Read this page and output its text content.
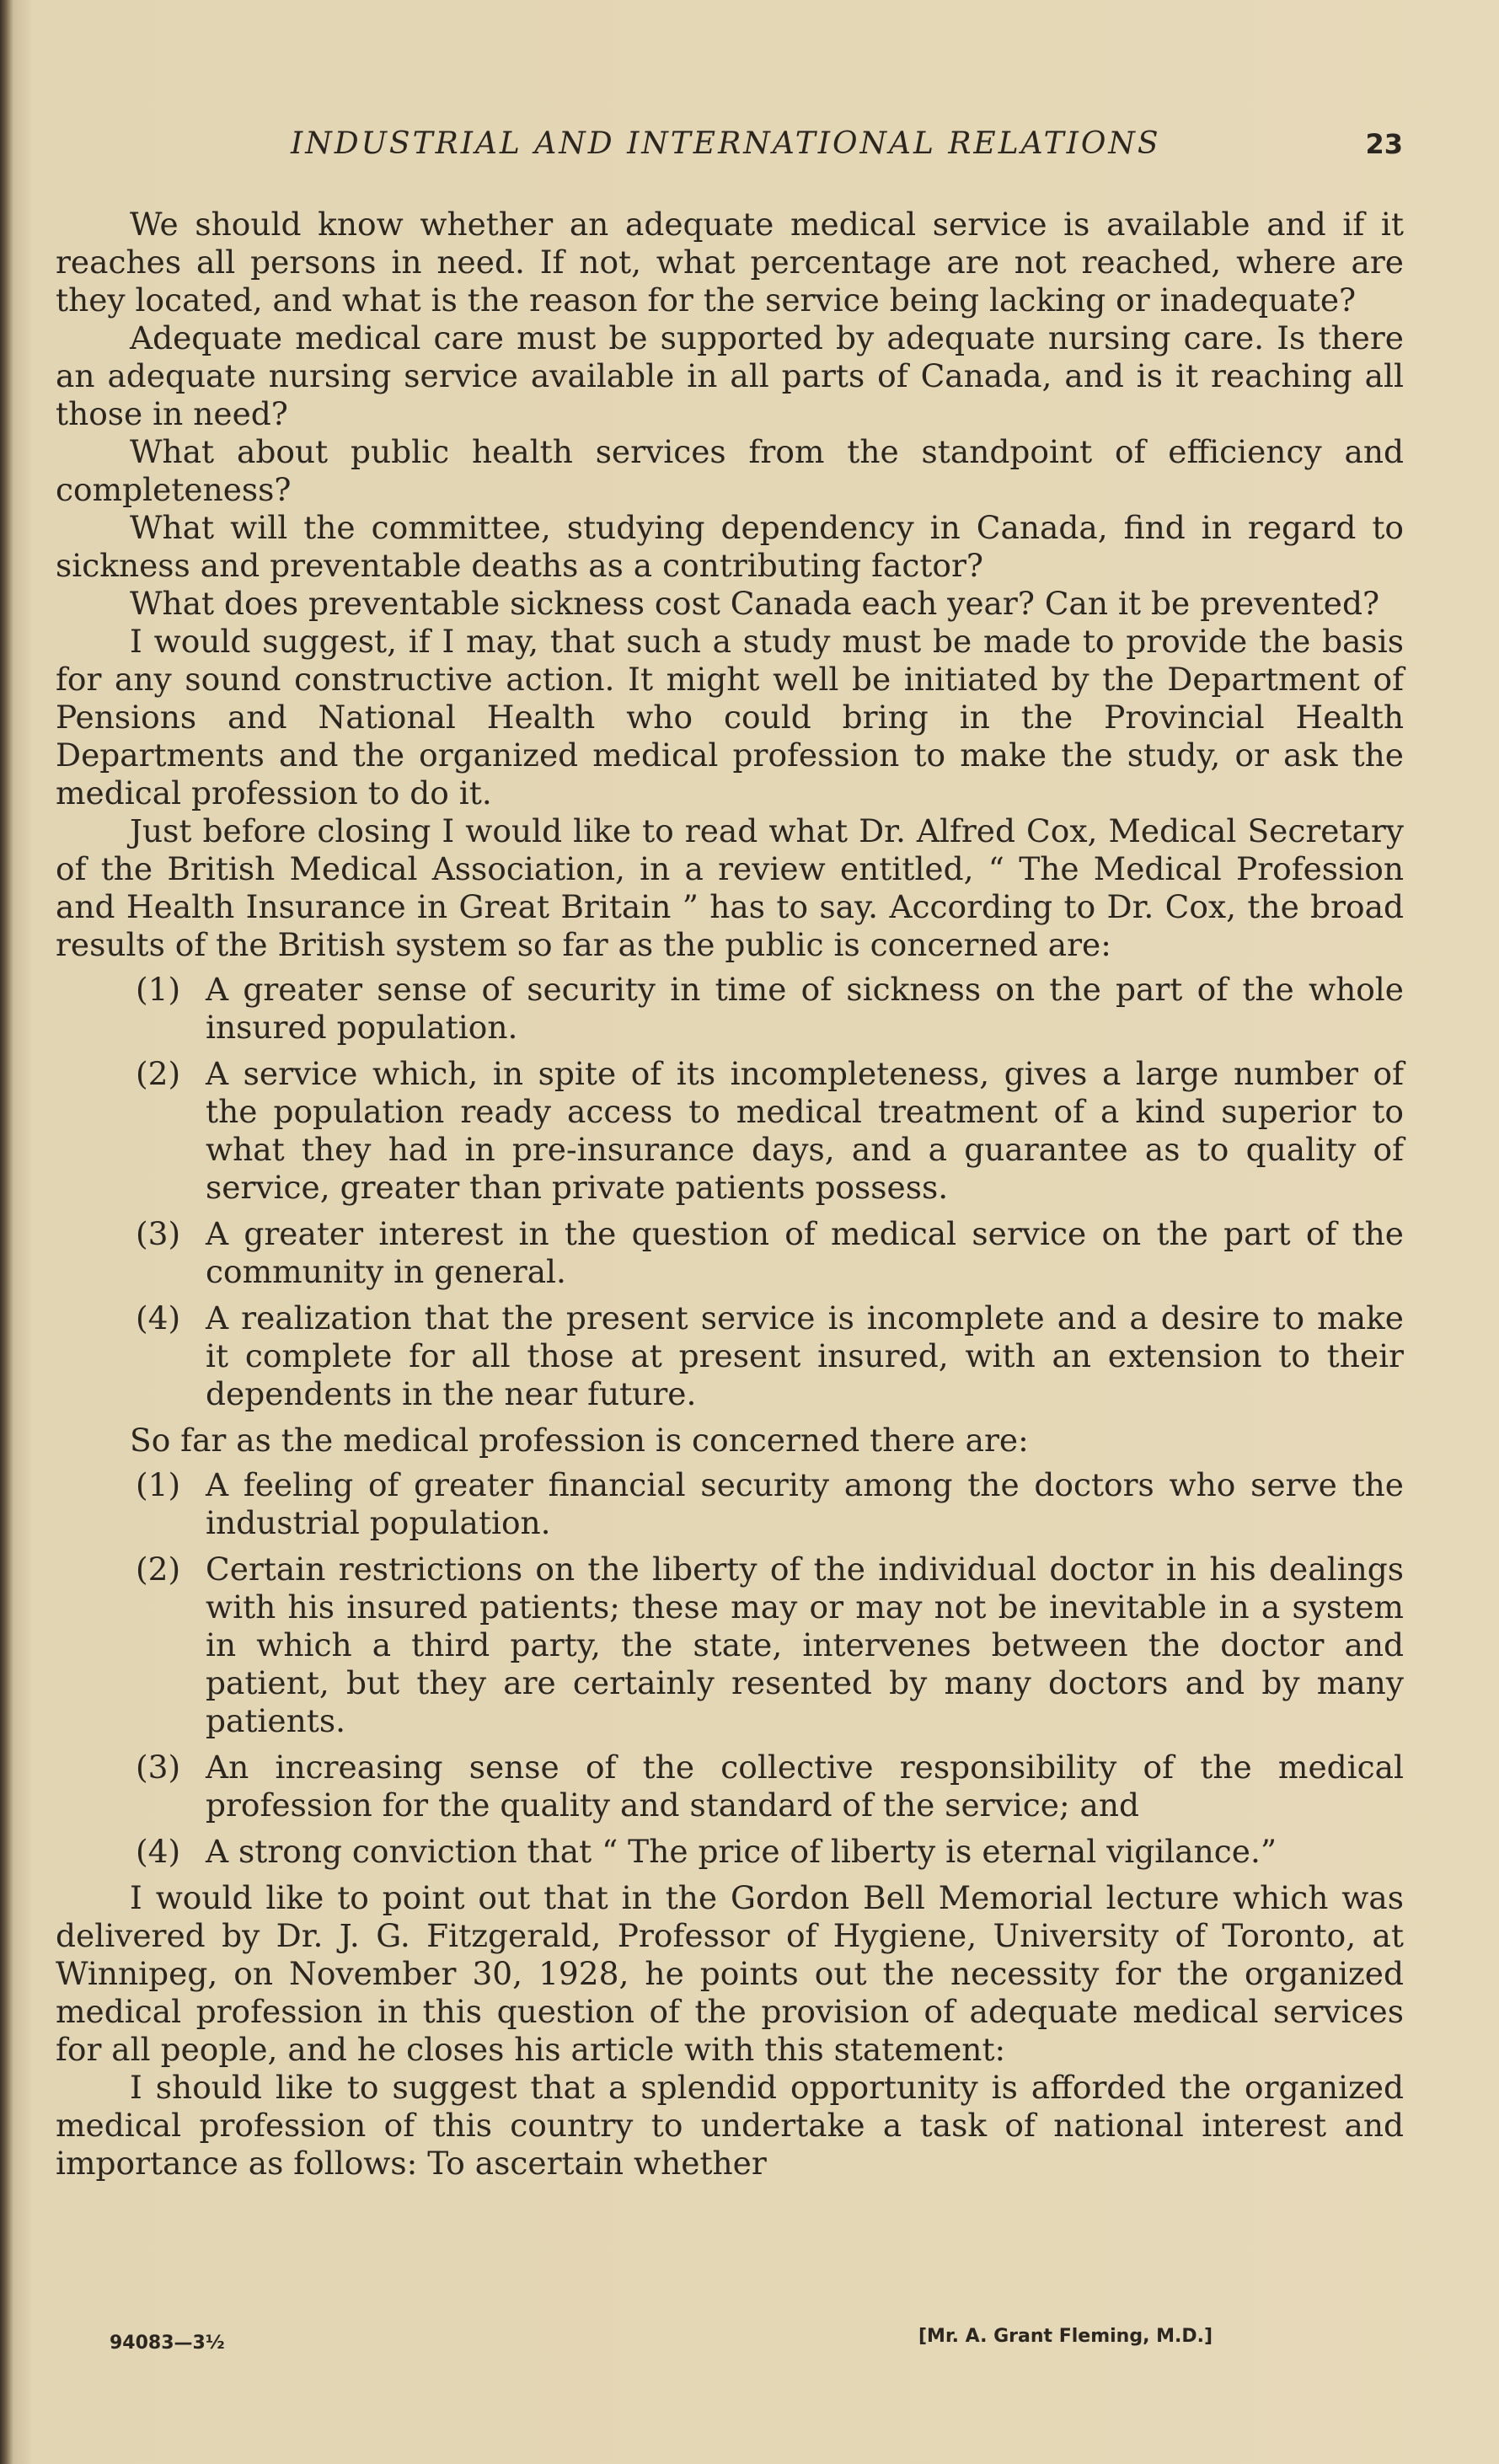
INDUSTRIAL AND INTERNATIONAL RELATIONS	23

We should know whether an adequate medical service is available and if it reaches all persons in need. If not, what percentage are not reached, where are they located, and what is the reason for the service being lacking or inadequate?

Adequate medical care must be supported by adequate nursing care. Is there an adequate nursing service available in all parts of Canada, and is it reaching all those in need?

What about public health services from the standpoint of efficiency and completeness?

What will the committee, studying dependency in Canada, find in regard to sickness and preventable deaths as a contributing factor?

What does preventable sickness cost Canada each year? Can it be prevented?

I would suggest, if I may, that such a study must be made to provide the basis for any sound constructive action. It might well be initiated by the Department of Pensions and National Health who could bring in the Provincial Health Departments and the organized medical profession to make the study, or ask the medical profession to do it.

Just before closing I would like to read what Dr. Alfred Cox, Medical Secretary of the British Medical Association, in a review entitled, “ The Medical Profession and Health Insurance in Great Britain ” has to say. According to Dr. Cox, the broad results of the British system so far as the public is concerned are:

(1) A greater sense of security in time of sickness on the part of the whole insured population.
(2) A service which, in spite of its incompleteness, gives a large number of the population ready access to medical treatment of a kind superior to what they had in pre-insurance days, and a guarantee as to quality of service, greater than private patients possess.
(3) A greater interest in the question of medical service on the part of the community in general.
(4) A realization that the present service is incomplete and a desire to make it complete for all those at present insured, with an extension to their dependents in the near future.

So far as the medical profession is concerned there are:

(1) A feeling of greater financial security among the doctors who serve the industrial population.
(2) Certain restrictions on the liberty of the individual doctor in his dealings with his insured patients; these may or may not be inevitable in a system in which a third party, the state, intervenes between the doctor and patient, but they are certainly resented by many doctors and by many patients.
(3) An increasing sense of the collective responsibility of the medical profession for the quality and standard of the service; and
(4) A strong conviction that “ The price of liberty is eternal vigilance.”

I would like to point out that in the Gordon Bell Memorial lecture which was delivered by Dr. J. G. Fitzgerald, Professor of Hygiene, University of Toronto, at Winnipeg, on November 30, 1928, he points out the necessity for the organized medical profession in this question of the provision of adequate medical services for all people, and he closes his article with this statement:

I should like to suggest that a splendid opportunity is afforded the organized medical profession of this country to undertake a task of national interest and importance as follows: To ascertain whether

94083—3½	[Mr. A. Grant Fleming, M.D.]
